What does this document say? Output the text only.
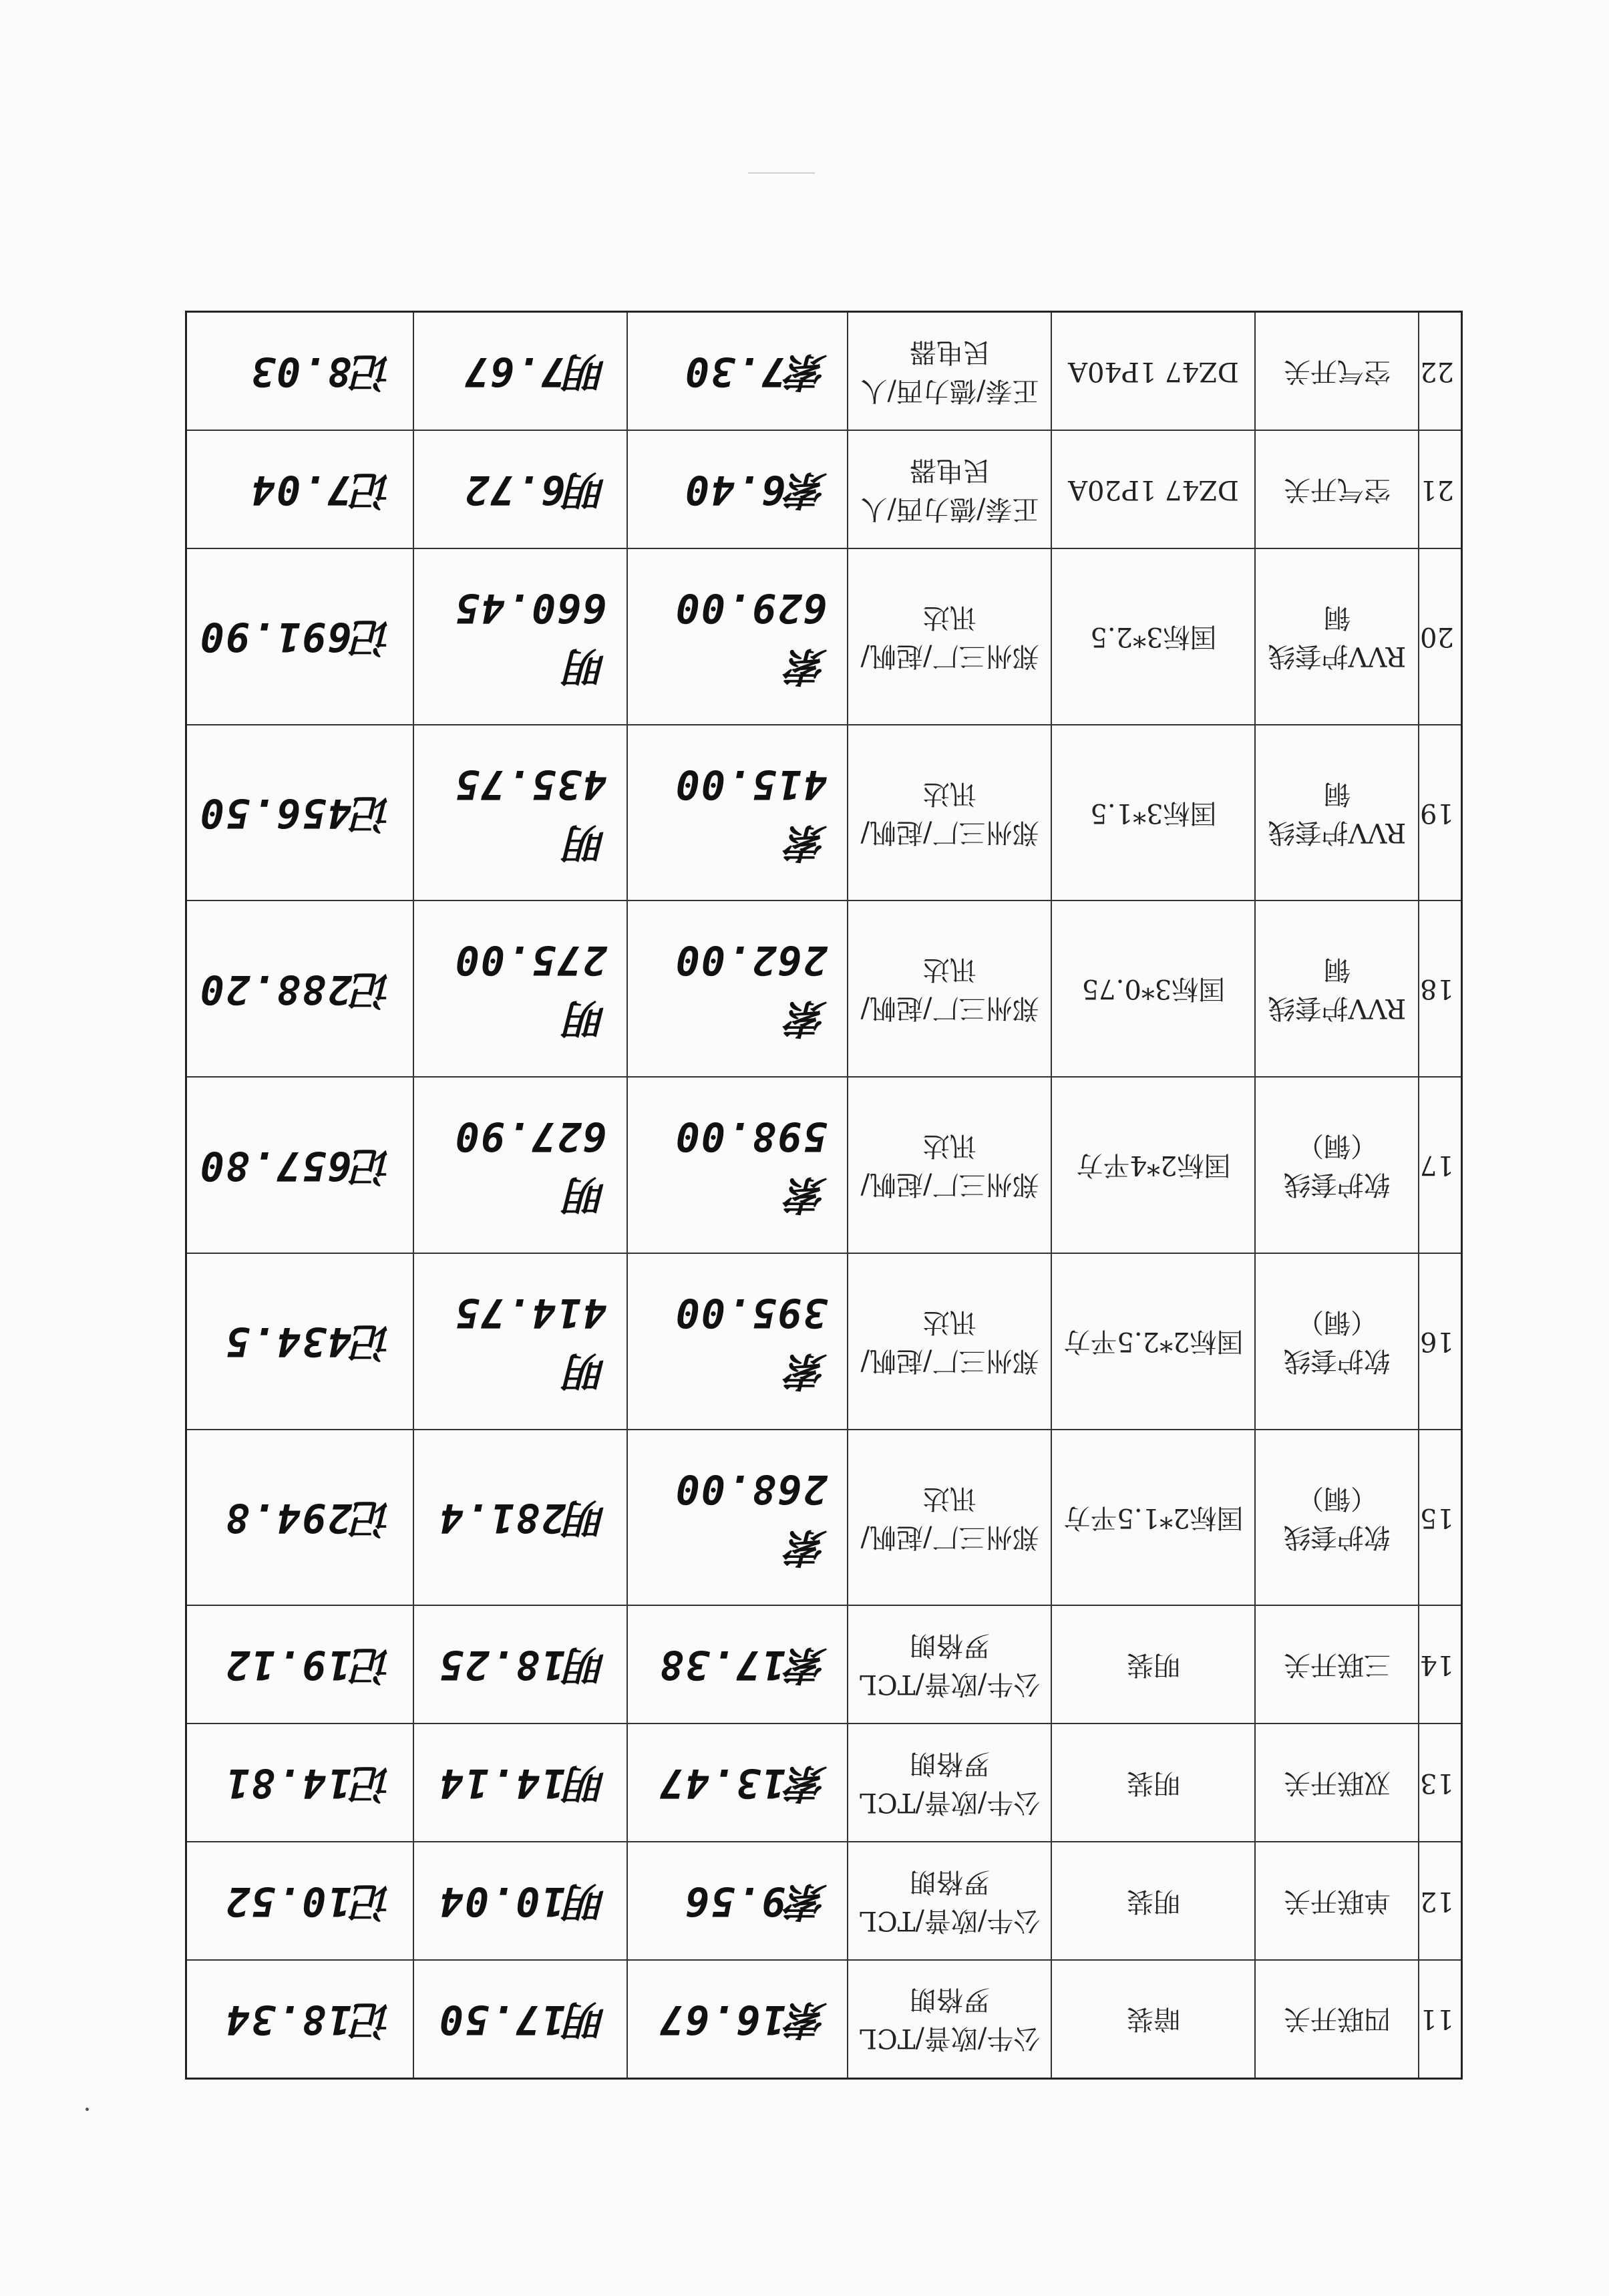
11	四联开关	暗装	公牛/欧普/TCL罗格朗	索16.67	明17.50	记18.34
12	单联开关	明装	公牛/欧普/TCL罗格朗	索9.56	明10.04	记10.52
13	双联开关	明装	公牛/欧普/TCL罗格朗	索13.47	明14.14	记14.81
14	三联开关	明装	公牛/欧普/TCL罗格朗	索17.38	明18.25	记19.12
15	软护套线（铜）	国标2*1.5平方	郑州三厂/起帆/讯达	索268.00	明281.4	记294.8
16	软护套线（铜）	国标2*2.5平方	郑州三厂/起帆/讯达	索395.00	明414.75	记434.5
17	软护套线（铜）	国标2*4平方	郑州三厂/起帆/讯达	索598.00	明627.90	记657.80
18	RVV护套线铜	国标3*0.75	郑州三厂/起帆/讯达	索262.00	明275.00	记288.20
19	RVV护套线铜	国标3*1.5	郑州三厂/起帆/讯达	索415.00	明435.75	记456.50
20	RVV护套线铜	国标3*2.5	郑州三厂/起帆/讯达	索629.00	明660.45	记691.90
21	空气开关	DZ47 1P20A	正泰/德力西/人民电器	索6.40	明6.72	记7.04
22	空气开关	DZ47 1P40A	正泰/德力西/人民电器	索7.30	明7.67	记8.03
